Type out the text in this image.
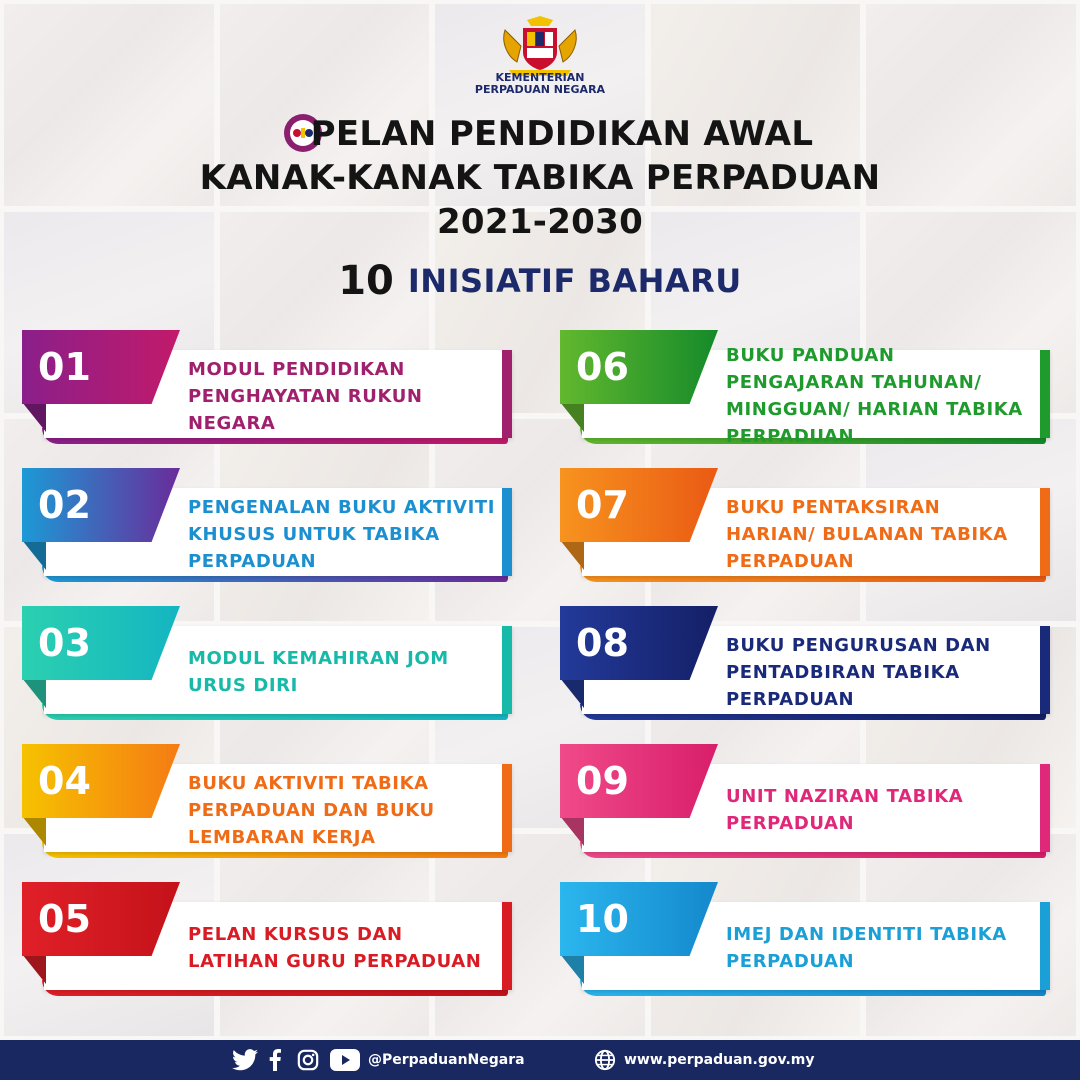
KEMENTERIAN
PERPADUAN NEGARA
PELAN PENDIDIKAN AWAL
KANAK-KANAK TABIKA PERPADUAN
2021-2030
10 INISIATIF BAHARU
01	MODUL PENDIDIKAN PENGHAYATAN RUKUN NEGARA
02	PENGENALAN BUKU AKTIVITI KHUSUS UNTUK TABIKA PERPADUAN
03	MODUL KEMAHIRAN JOM URUS DIRI
04	BUKU AKTIVITI TABIKA PERPADUAN DAN BUKU LEMBARAN KERJA
05	PELAN KURSUS DAN LATIHAN GURU PERPADUAN
06	BUKU PANDUAN PENGAJARAN TAHUNAN/ MINGGUAN/ HARIAN TABIKA PERPADUAN
07	BUKU PENTAKSIRAN HARIAN/ BULANAN TABIKA PERPADUAN
08	BUKU PENGURUSAN DAN PENTADBIRAN TABIKA PERPADUAN
09	UNIT NAZIRAN TABIKA PERPADUAN
10	IMEJ DAN IDENTITI TABIKA PERPADUAN
@PerpaduanNegara	www.perpaduan.gov.my
